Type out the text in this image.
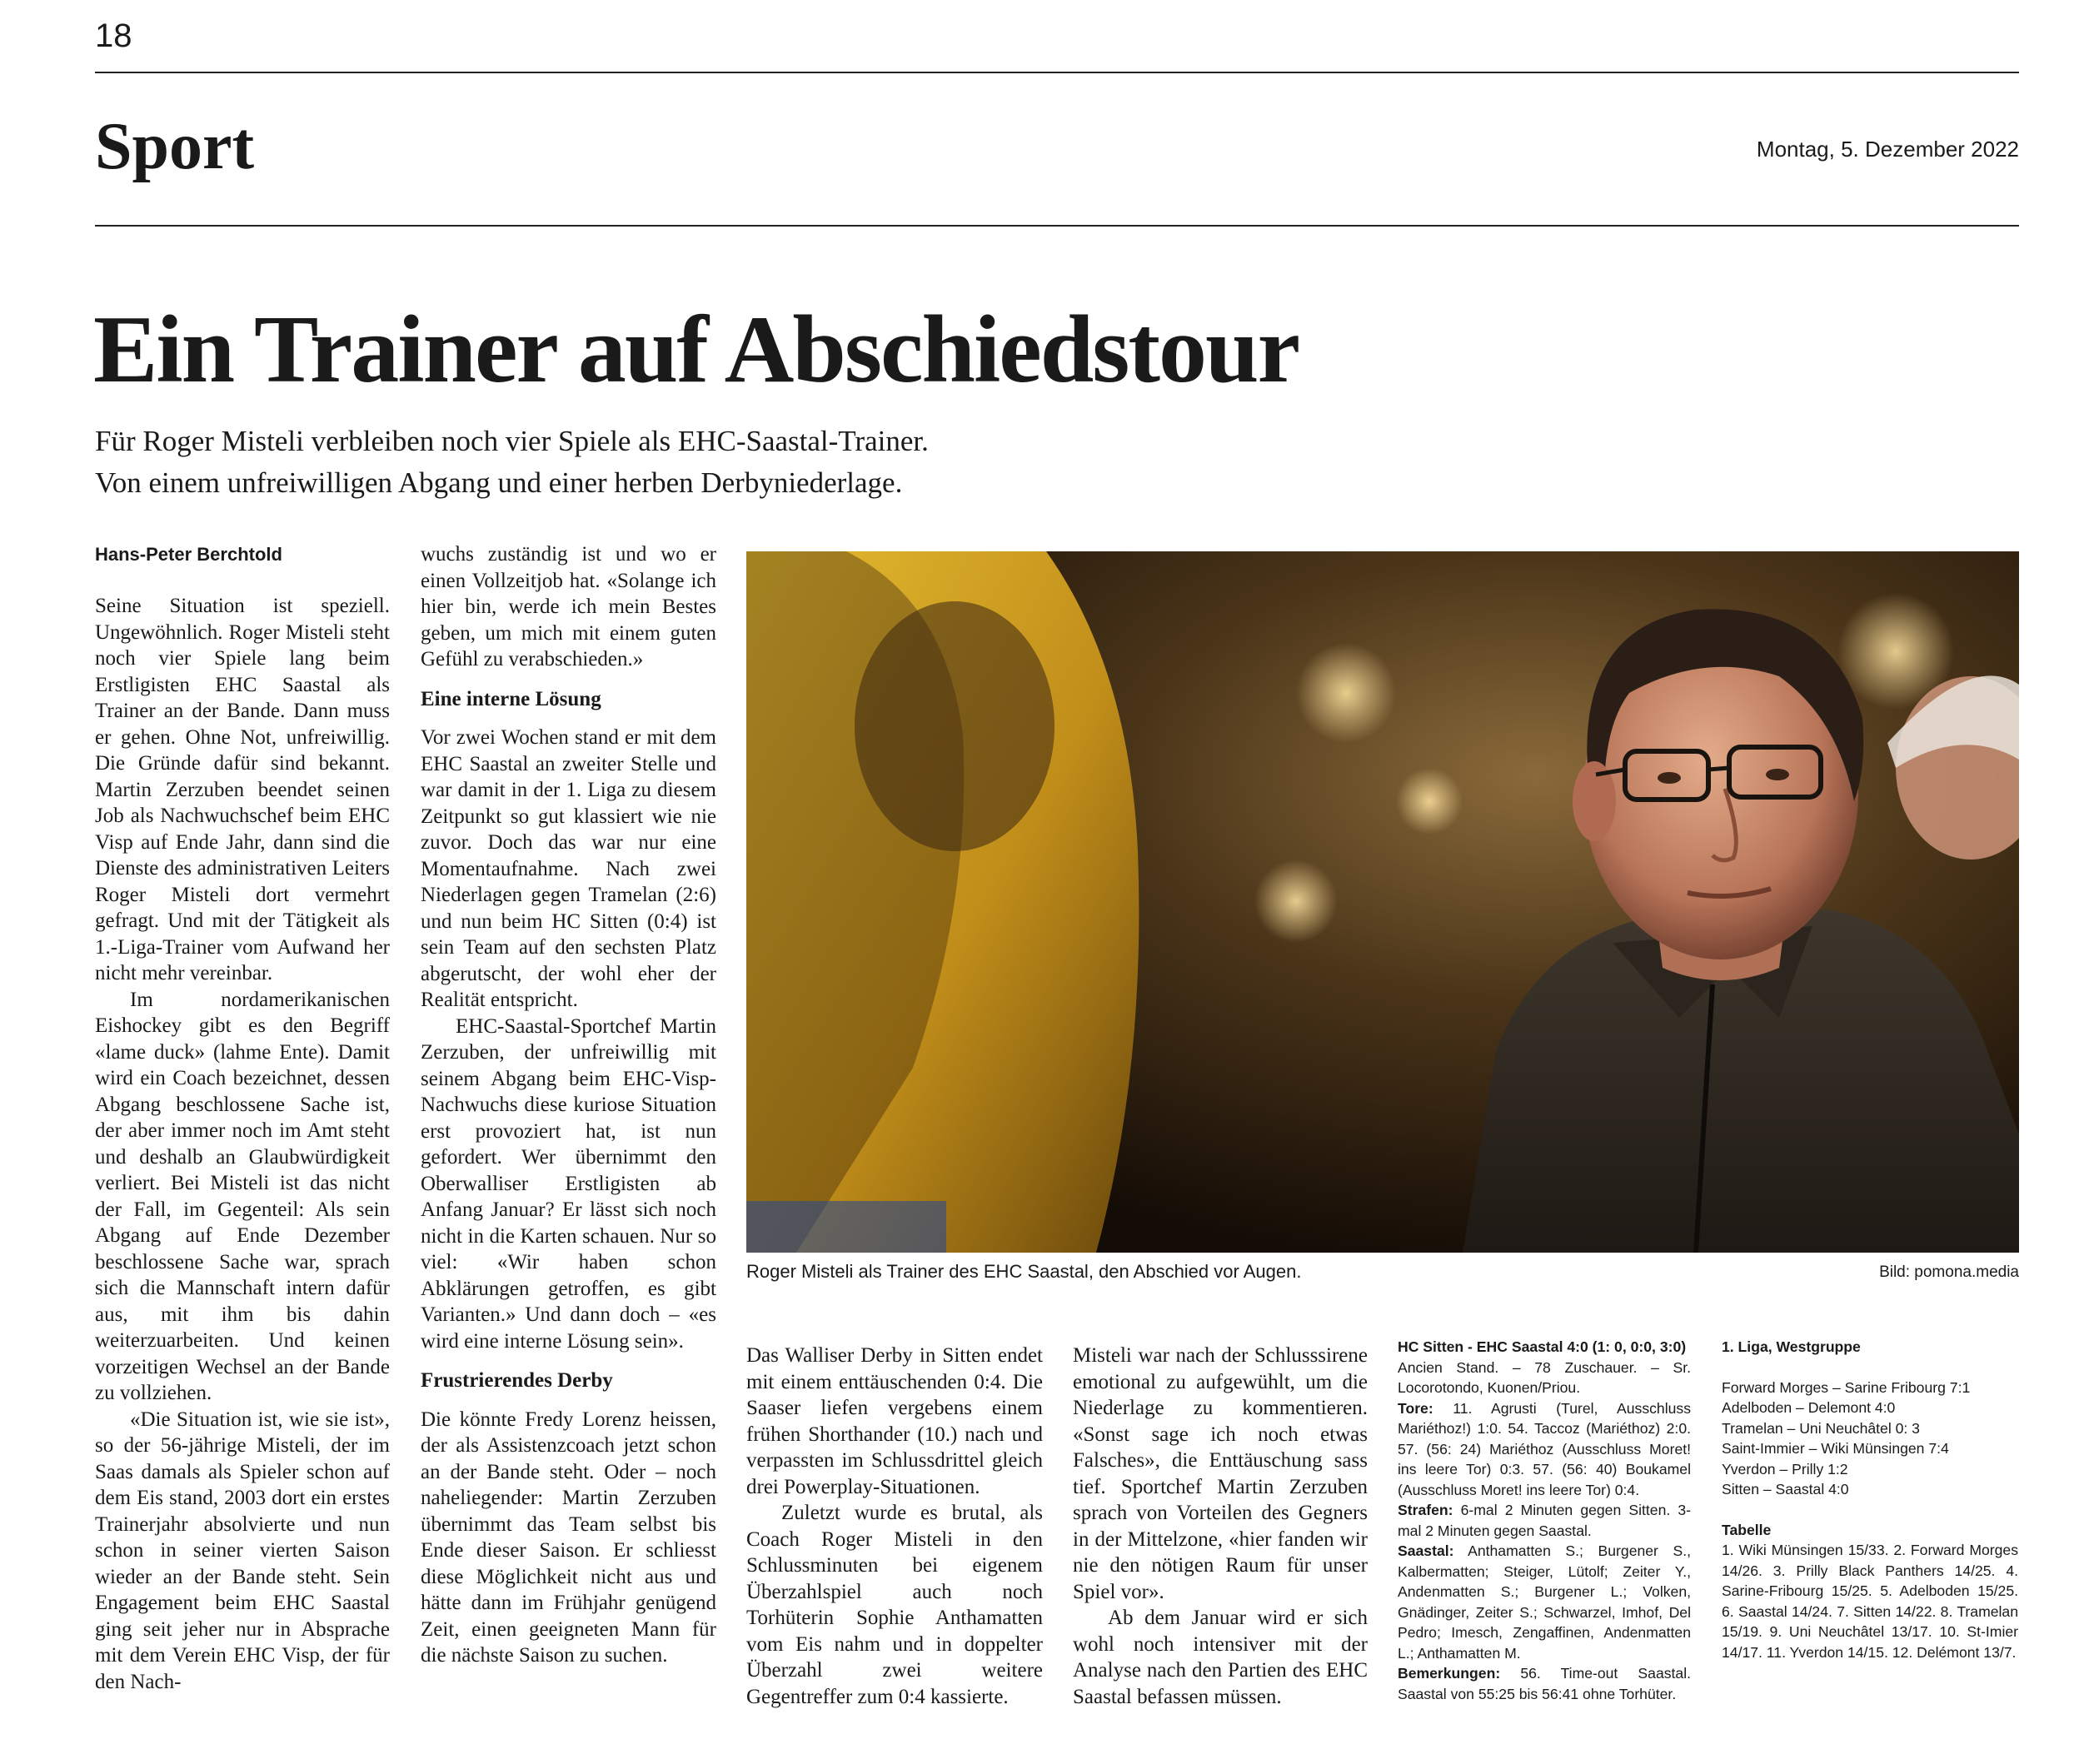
18
Sport	Montag, 5. Dezember 2022
Ein Trainer auf Abschiedstour
Für Roger Misteli verbleiben noch vier Spiele als EHC-Saastal-Trainer.
Von einem unfreiwilligen Abgang und einer herben Derbyniederlage.

Hans-Peter Berchtold

Seine Situation ist speziell. Ungewöhnlich. Roger Misteli steht noch vier Spiele lang beim Erstligisten EHC Saastal als Trainer an der Bande. Dann muss er gehen. Ohne Not, unfreiwillig. Die Gründe dafür sind bekannt. Martin Zerzuben beendet seinen Job als Nachwuchschef beim EHC Visp auf Ende Jahr, dann sind die Dienste des administrativen Leiters Roger Misteli dort vermehrt gefragt. Und mit der Tätigkeit als 1.-Liga-Trainer vom Aufwand her nicht mehr vereinbar.

Im nordamerikanischen Eishockey gibt es den Begriff «lame duck» (lahme Ente). Damit wird ein Coach bezeichnet, dessen Abgang beschlossene Sache ist, der aber immer noch im Amt steht und deshalb an Glaubwürdigkeit verliert. Bei Misteli ist das nicht der Fall, im Gegenteil: Als sein Abgang auf Ende Dezember beschlossene Sache war, sprach sich die Mannschaft intern dafür aus, mit ihm bis dahin weiterzuarbeiten. Und keinen vorzeitigen Wechsel an der Bande zu vollziehen.

«Die Situation ist, wie sie ist», so der 56-jährige Misteli, der im Saas damals als Spieler schon auf dem Eis stand, 2003 dort ein erstes Trainerjahr absolvierte und nun schon in seiner vierten Saison wieder an der Bande steht. Sein Engagement beim EHC Saastal ging seit jeher nur in Absprache mit dem Verein EHC Visp, der für den Nach-

wuchs zuständig ist und wo er einen Vollzeitjob hat. «Solange ich hier bin, werde ich mein Bestes geben, um mich mit einem guten Gefühl zu verabschieden.»

Eine interne Lösung

Vor zwei Wochen stand er mit dem EHC Saastal an zweiter Stelle und war damit in der 1. Liga zu diesem Zeitpunkt so gut klassiert wie nie zuvor. Doch das war nur eine Momentaufnahme. Nach zwei Niederlagen gegen Tramelan (2:6) und nun beim HC Sitten (0:4) ist sein Team auf den sechsten Platz abgerutscht, der wohl eher der Realität entspricht.

EHC-Saastal-Sportchef Martin Zerzuben, der unfreiwillig mit seinem Abgang beim EHC-Visp-Nachwuchs diese kuriose Situation erst provoziert hat, ist nun gefordert. Wer übernimmt den Oberwalliser Erstligisten ab Anfang Januar? Er lässt sich noch nicht in die Karten schauen. Nur so viel: «Wir haben schon Abklärungen getroffen, es gibt Varianten.» Und dann doch – «es wird eine interne Lösung sein».

Frustrierendes Derby

Die könnte Fredy Lorenz heissen, der als Assistenzcoach jetzt schon an der Bande steht. Oder – noch naheliegender: Martin Zerzuben übernimmt das Team selbst bis Ende dieser Saison. Er schliesst diese Möglichkeit nicht aus und hätte dann im Frühjahr genügend Zeit, einen geeigneten Mann für die nächste Saison zu suchen.

Roger Misteli als Trainer des EHC Saastal, den Abschied vor Augen.	Bild: pomona.media

Das Walliser Derby in Sitten endet mit einem enttäuschenden 0:4. Die Saaser liefen vergebens einem frühen Shorthander (10.) nach und verpassten im Schlussdrittel gleich drei Powerplay-Situationen.

Zuletzt wurde es brutal, als Coach Roger Misteli in den Schlussminuten bei eigenem Überzahlspiel auch noch Torhüterin Sophie Anthamatten vom Eis nahm und in doppelter Überzahl zwei weitere Gegentreffer zum 0:4 kassierte.

Misteli war nach der Schlusssirene emotional zu aufgewühlt, um die Niederlage zu kommentieren. «Sonst sage ich noch etwas Falsches», die Enttäuschung sass tief. Sportchef Martin Zerzuben sprach von Vorteilen des Gegners in der Mittelzone, «hier fanden wir nie den nötigen Raum für unser Spiel vor».

Ab dem Januar wird er sich wohl noch intensiver mit der Analyse nach den Partien des EHC Saastal befassen müssen.

HC Sitten - EHC Saastal 4:0 (1: 0, 0:0, 3:0)

Ancien Stand. – 78 Zuschauer. – Sr. Locorotondo, Kuonen/Priou.

Tore: 11. Agrusti (Turel, Ausschluss Mariéthoz!) 1:0. 54. Taccoz (Mariéthoz) 2:0. 57. (56: 24) Mariéthoz (Ausschluss Moret! ins leere Tor) 0:3. 57. (56: 40) Boukamel (Ausschluss Moret! ins leere Tor) 0:4.

Strafen: 6-mal 2 Minuten gegen Sitten. 3-mal 2 Minuten gegen Saastal.

Saastal: Anthamatten S.; Burgener S., Kalbermatten; Steiger, Lütolf; Zeiter Y., Andenmatten S.; Burgener L.; Volken, Gnädinger, Zeiter S.; Schwarzel, Imhof, Del Pedro; Imesch, Zengaffinen, Andenmatten L.; Anthamatten M.

Bemerkungen: 56. Time-out Saastal. Saastal von 55:25 bis 56:41 ohne Torhüter.

1. Liga, Westgruppe

Forward Morges – Sarine Fribourg 7:1

Adelboden – Delemont 4:0

Tramelan – Uni Neuchâtel 0: 3

Saint-Immier – Wiki Münsingen 7:4

Yverdon – Prilly 1:2

Sitten – Saastal 4:0

Tabelle

1. Wiki Münsingen 15/33. 2. Forward Morges 14/26. 3. Prilly Black Panthers 14/25. 4. Sarine-Fribourg 15/25. 5. Adelboden 15/25. 6. Saastal 14/24. 7. Sitten 14/22. 8. Tramelan 15/19. 9. Uni Neuchâtel 13/17. 10. St-Imier 14/17. 11. Yverdon 14/15. 12. Delémont 13/7.
